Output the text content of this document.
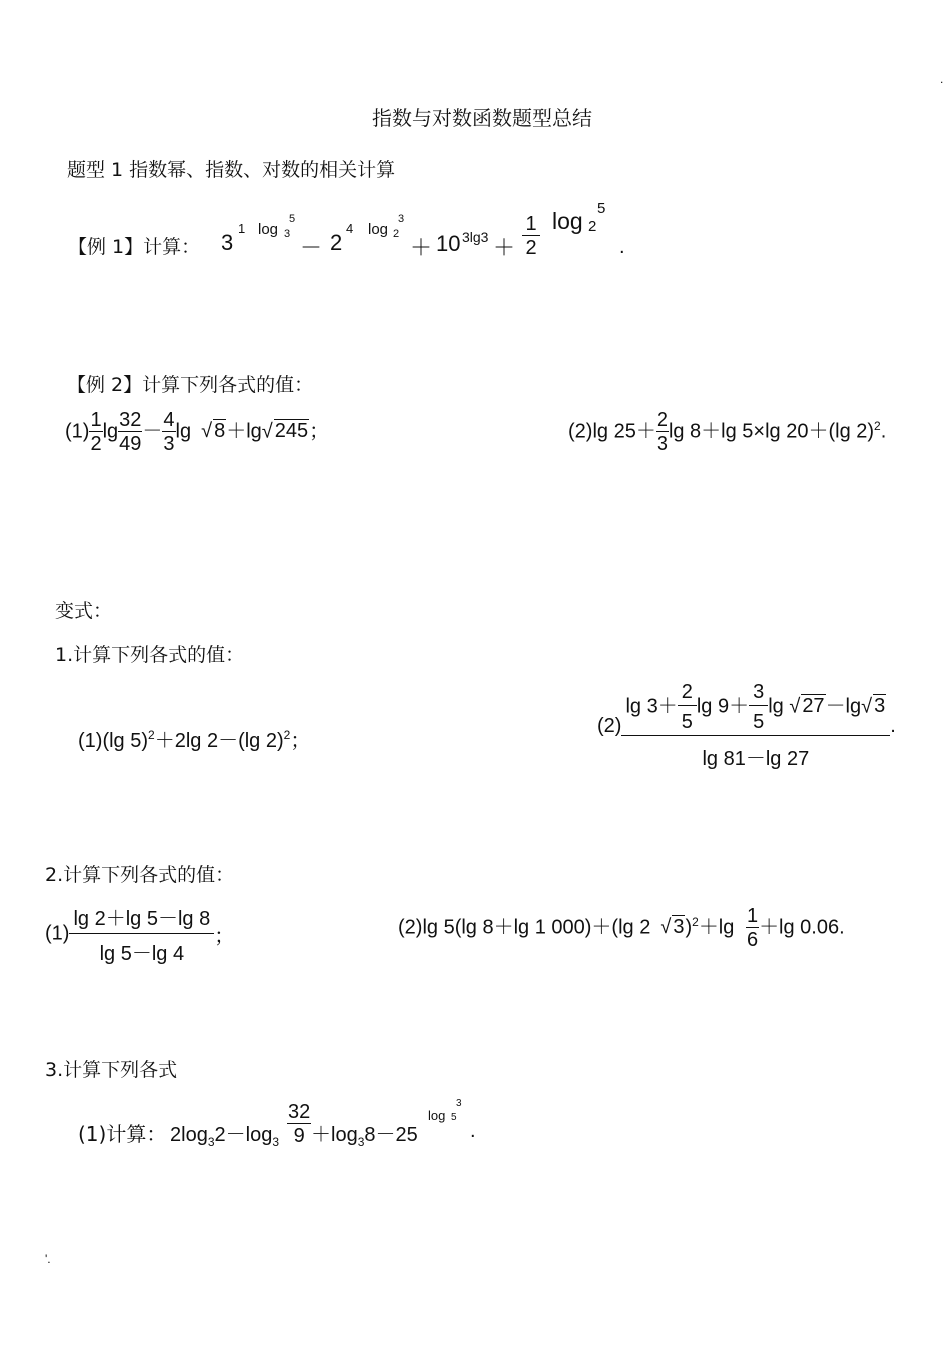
指数与对数函数题型总结
.
题型 1 指数幂、指数、对数的相关计算
【例 1】计算： 3
1 log 3
5
－ 2
4 log 2
3
＋ 10 $3\lg 3 + \frac{1}{2}$ log 2
5
.
【例 2】计算下列各式的值：
$(1) \frac{1}{2}$ $\lg \frac{32}{49} - \frac{4}{3}$ lg √ 8＋lg√ 245；	(2)lg $25+ \frac{2}{3}$ lg 8＋lg 5×lg 20＋(lg 2)$^2$.
变式：
1.计算下列各式的值：
(1)(lg 5)$^2$＋2lg 2－(lg 2)$^2$；
$(2) \frac{\lg 3+ \frac{2}{5} \lg 9+ \frac{3}{5} \lg √ 27-\lg√ 3}{\lg 81-\lg 27}$ .
2.计算下列各式的值：
$(1) \frac{\lg 2+\lg 5-\lg 8}{\lg 5-\lg 4}$ ；	(2)lg 5(lg 8＋lg 1 000)＋(lg 2 √ $3)^2+\lg \frac{1}{6} +\lg$ 0.06.
3.计算下列各式
(1)计算： $2\log_32-\log_3 \frac{32}{9} +\log_38-25$
log 5
3
.
'.
